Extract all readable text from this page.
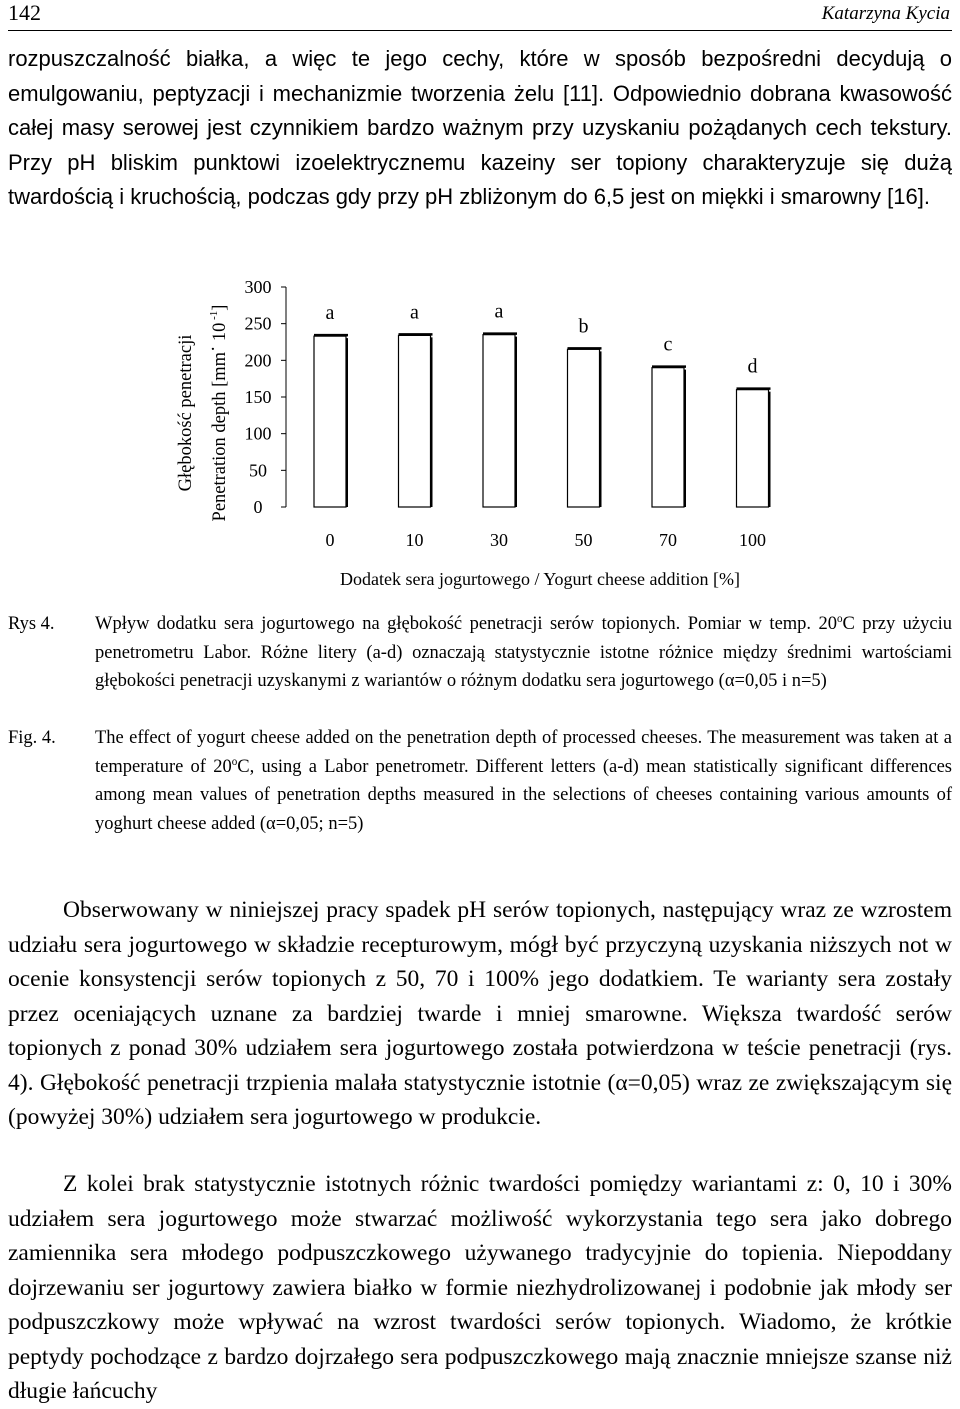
142	Katarzyna Kycia

rozpuszczalność białka, a więc te jego cechy, które w sposób bezpośredni decydują o emulgowaniu, peptyzacji i mechanizmie tworzenia żelu [11]. Odpowiednio dobrana kwasowość całej masy serowej jest czynnikiem bardzo ważnym przy uzyskaniu pożądanych cech tekstury. Przy pH bliskim punktowi izoelektrycznemu kazeiny ser topiony charakteryzuje się dużą twardością i kruchością, podczas gdy przy pH zbliżonym do 6,5 jest on miękki i smarowny [16].

a
0
a
10
a
30
b
50
c
70
d
100
0
50
100
150
200
250
300
Głębokość penetracji Penetration depth [mm· 10 $^{-1}$]
Dodatek sera jogurtowego / Yogurt cheese addition [%]
Rys 4. Wpływ dodatku sera jogurtowego na głębokość penetracji serów topionych. Pomiar w temp. 20$^o$C przy użyciu penetrometru Labor. Różne litery (a-d) oznaczają statystycznie istotne różnice między średnimi wartościami głębokości penetracji uzyskanymi z wariantów o różnym dodatku sera jogurtowego (α=0,05 i n=5)
Fig. 4. The effect of yogurt cheese added on the penetration depth of processed cheeses. The measurement was taken at a temperature of 20$^o$C, using a Labor penetrometr. Different letters (a-d) mean statistically significant differences among mean values of penetration depths measured in the selections of cheeses containing various amounts of yoghurt cheese added (α=0,05; n=5)

Obserwowany w niniejszej pracy spadek pH serów topionych, następujący wraz ze wzrostem udziału sera jogurtowego w składzie recepturowym, mógł być przyczyną uzyskania niższych not w ocenie konsystencji serów topionych z 50, 70 i 100% jego dodatkiem. Te warianty sera zostały przez oceniających uznane za bardziej twarde i mniej smarowne. Większa twardość serów topionych z ponad 30% udziałem sera jogurtowego została potwierdzona w teście penetracji (rys. 4). Głębokość penetracji trzpienia malała statystycznie istotnie (α=0,05) wraz ze zwiększającym się (powyżej 30%) udziałem sera jogurtowego w produkcie.

Z kolei brak statystycznie istotnych różnic twardości pomiędzy wariantami z: 0, 10 i 30% udziałem sera jogurtowego może stwarzać możliwość wykorzystania tego sera jako dobrego zamiennika sera młodego podpuszczkowego używanego tradycyjnie do topienia. Niepoddany dojrzewaniu ser jogurtowy zawiera białko w formie niezhydrolizowanej i podobnie jak młody ser podpuszczkowy może wpływać na wzrost twardości serów topionych. Wiadomo, że krótkie peptydy pochodzące z bardzo dojrzałego sera podpuszczkowego mają znacznie mniejsze szanse niż długie łańcuchy
